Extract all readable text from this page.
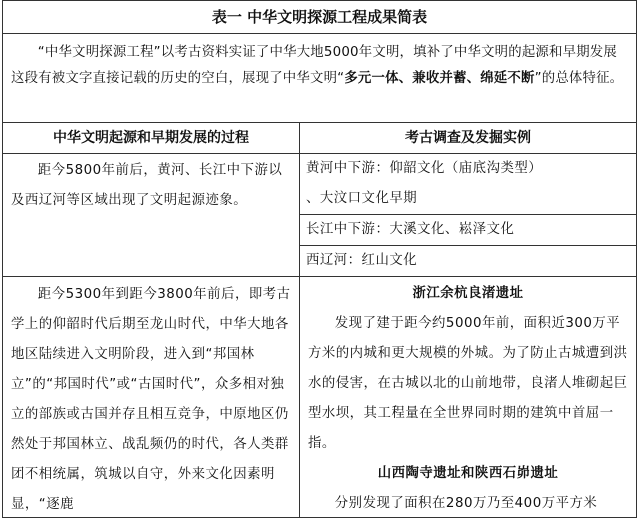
表一 中华文明探源工程成果简表
“中华文明探源工程”以考古资料实证了中华大地5000年文明，填补了中华文明的起源和早期发展这段有被文字直接记载的历史的空白，展现了中华文明“多元一体、兼收并蓄、绵延不断”的总体特征。
中华文明起源和早期发展的过程	考古调查及发掘实例
距今5800年前后，黄河、长江中下游以及西辽河等区域出现了文明起源迹象。
黄河中下游：仰韶文化（庙底沟类型）
、大汶口文化早期
长江中下游：大溪文化、崧泽文化
西辽河：红山文化
距今5300年到距今3800年前后，即考古学上的仰韶时代后期至龙山时代，中华大地各地区陆续进入文明阶段，进入到“邦国林立”的“邦国时代”或“古国时代”，众多相对独立的部族或古国并存且相互竞争，中原地区仍然处于邦国林立、战乱频仍的时代，各人类群团不相统属，筑城以自守，外来文化因素明显，“逐鹿
浙江余杭良渚遗址
发现了建于距今约5000年前，面积近300万平方米的内城和更大规模的外城。为了防止古城遭到洪水的侵害，在古城以北的山前地带，良渚人堆砌起巨型水坝，其工程量在全世界同时期的建筑中首屈一指。
山西陶寺遗址和陕西石峁遗址
分别发现了面积在280万乃至400万平方米
